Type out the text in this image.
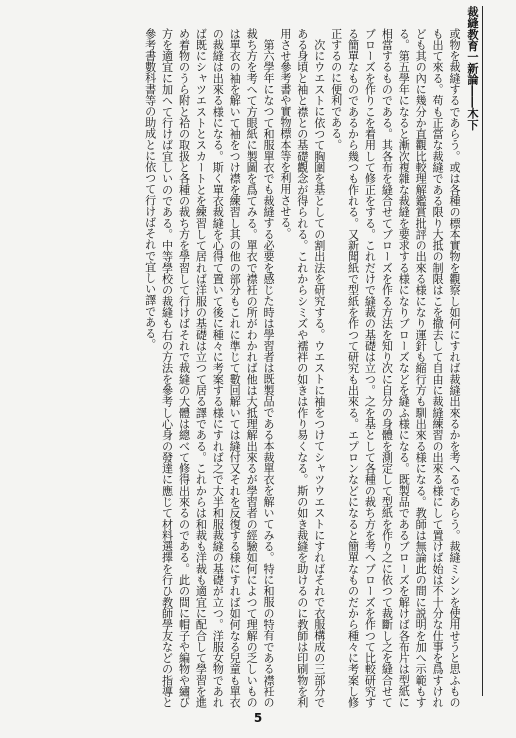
裁縫教育一新論――木下

或物を裁縫するであらう。或は各種の標本實物を觀察し如何にすれば裁縫出來るかを考へるであらう。裁縫ミシンを使用せうと思ふものも出て來る。苟も正當な裁縫である限り大抵の制限はこを撤去して自由に裁縫練習の出來る様にして置けば始は不十分な仕事を爲すけれども其の內に幾分か直觀比較理解鑑賞批評の出來る様になり運針も縮行方も馴出來る様になる。教師は無論此の間に説明を加へ示範もする。第五學年になると漸次複雜な裁縫を要求する様になりブローズなどを縫ふ様になる。既製品であるブローズを解けば各布片は型紙に相當するものである。其各布を縫合せてブローズを作る方法を知り次に自分の身體を測定して型紙を作り之に依つて裁斷し之を縫合せてブローズを作りこを着用して修正をする。これだけで縫裁の基礎は立つ。之を基として各種の裁ち方を考へブローズを作つて比較研究する簡單なものであるから幾つも作れる。又新聞紙で型紙を作つて研究も出來る。エプロンなどになると簡單なものだから種々に考案し修正するのに便利である。

次にウエストに依つて胸圍を基としての割出法を研究する。ウエストに袖をつけてシャツウエストにすればそれで衣服構成の三部分である身頃と袖と襟との基礎觀念が得られる。これからシミズや襦袢の如きは作り易くなる。斯の如き裁縫を助けるのに教師は印刷物を利用させ參考書や實物標本等を利用させる。

第六學年になつて和服單衣でも裁縫する必要を感じた時は學習者は既製品である本裁單衣を解いてみる。特に和服の特有である襟衽の裁ち方を考へて方眼紙に製圖を爲てみる。單衣で襟衽の所がわかれば他は大抵理解出來るが學習者の經驗如何によつて理解の乏しいものは單衣の袖を解いて袖をつけ襟を練習し其の他の部分もこれに準じて數回解いては縫付又それを反復する様にすれば如何なる兒童も單衣の裁縫は出來る様になる。斯く單衣裁縫を心得て置いて後に種々に考案する様にすれば之で大半和服裁縫の基礎が立つ。洋服女物であれば既にシャツエストとスカートとを練習して居れば洋服の基礎は立つて居る譯である。これからは和裁も洋裁も適宜に配合して學習を進め着物のうら附と袷の取扱と各種の裁ち方を學習して行けばそれで裁縫の大體は總べて修得出來るのである。此の間に帽子や編物や繡び方を適宜に加へて行けば宜しいのである。中等學校の裁縫も右の方法を參考し心身の發達に應じて材料選擇を行ひ教師學友などの指導と參考書數科書等の助成とに依つて行けばそれで宜しい譯である。

5
